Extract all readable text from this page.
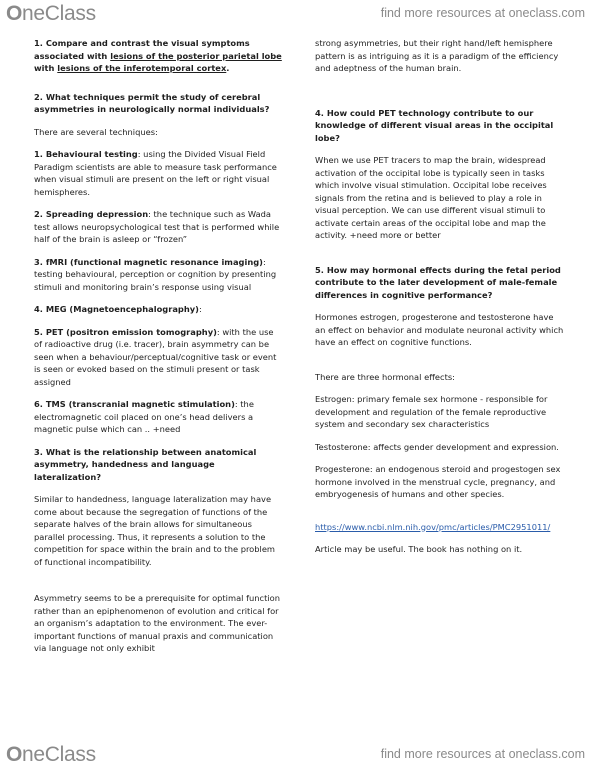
OneClass	find more resources at oneclass.com

1. Compare and contrast the visual symptoms associated with lesions of the posterior parietal lobe with lesions of the inferotemporal cortex.

2. What techniques permit the study of cerebral asymmetries in neurologically normal individuals?

There are several techniques:

1. Behavioural testing: using the Divided Visual Field Paradigm scientists are able to measure task performance when visual stimuli are present on the left or right visual hemispheres.

2. Spreading depression: the technique such as Wada test allows neuropsychological test that is performed while half of the brain is asleep or “frozen”

3. fMRI (functional magnetic resonance imaging): testing behavioural, perception or cognition by presenting stimuli and monitoring brain’s response using visual

4. MEG (Magnetoencephalography):

5. PET (positron emission tomography): with the use of radioactive drug (i.e. tracer), brain asymmetry can be seen when a behaviour/perceptual/cognitive task or event is seen or evoked based on the stimuli present or task assigned

6. TMS (transcranial magnetic stimulation): the electromagnetic coil placed on one’s head delivers a magnetic pulse which can .. +need

3. What is the relationship between anatomical asymmetry, handedness and language lateralization?

Similar to handedness, language lateralization may have come about because the segregation of functions of the separate halves of the brain allows for simultaneous parallel processing. Thus, it represents a solution to the competition for space within the brain and to the problem of functional incompatibility.

Asymmetry seems to be a prerequisite for optimal function rather than an epiphenomenon of evolution and critical for an organism’s adaptation to the environment. The ever-important functions of manual praxis and communication via language not only exhibit

strong asymmetries, but their right hand/left hemisphere pattern is as intriguing as it is a paradigm of the efficiency and adeptness of the human brain.

4. How could PET technology contribute to our knowledge of different visual areas in the occipital lobe?

When we use PET tracers to map the brain, widespread activation of the occipital lobe is typically seen in tasks which involve visual stimulation. Occipital lobe receives signals from the retina and is believed to play a role in visual perception. We can use different visual stimuli to activate certain areas of the occipital lobe and map the activity. +need more or better

5. How may hormonal effects during the fetal period contribute to the later development of male-female differences in cognitive performance?

Hormones estrogen, progesterone and testosterone have an effect on behavior and modulate neuronal activity which have an effect on cognitive functions.

There are three hormonal effects:

Estrogen: primary female sex hormone - responsible for development and regulation of the female reproductive system and secondary sex characteristics

Testosterone: affects gender development and expression.

Progesterone: an endogenous steroid and progestogen sex hormone involved in the menstrual cycle, pregnancy, and embryogenesis of humans and other species.

https://www.ncbi.nlm.nih.gov/pmc/articles/PMC2951011/

Article may be useful. The book has nothing on it.

OneClass	find more resources at oneclass.com
